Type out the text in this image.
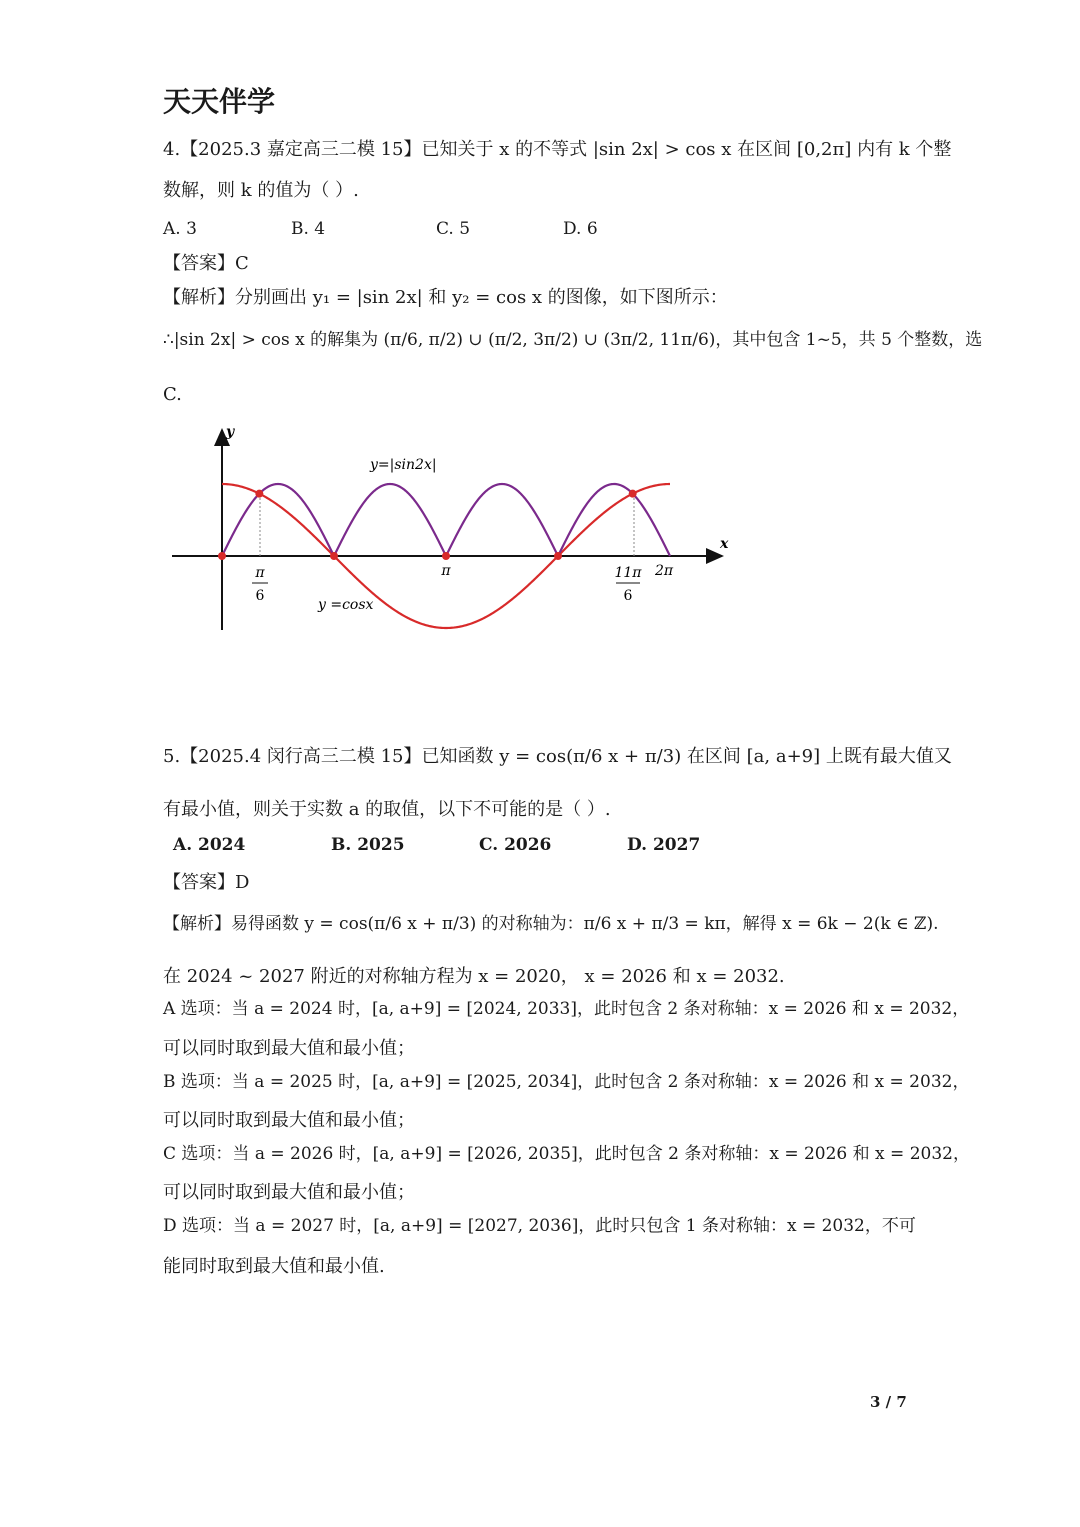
天天伴学
4.【2025.3 嘉定高三二模 15】已知关于 x 的不等式 |sin 2x| > cos x 在区间 [0,2π] 内有 k 个整
数解，则 k 的值为（ ）.
A. 3	B. 4	C. 5	D. 6
【答案】C
【解析】分别画出 y₁ = |sin 2x| 和 y₂ = cos x 的图像，如下图所示：
∴|sin 2x| > cos x 的解集为 (π/6, π/2) ∪ (π/2, 3π/2) ∪ (3π/2, 11π/6)，其中包含 1~5，共 5 个整数，选
C.
y
x
y=|sin2x|
y =cosx
π
6
π	11π
6
2π
5.【2025.4 闵行高三二模 15】已知函数 y = cos(π/6 x + π/3) 在区间 [a, a+9] 上既有最大值又
有最小值，则关于实数 a 的取值，以下不可能的是（ ）.
A. 2024	B. 2025	C. 2026	D. 2027
【答案】D
【解析】易得函数 y = cos(π/6 x + π/3) 的对称轴为：π/6 x + π/3 = kπ，解得 x = 6k − 2(k ∈ ℤ).
在 2024 ~ 2027 附近的对称轴方程为 x = 2020， x = 2026 和 x = 2032.
A 选项：当 a = 2024 时，[a, a+9] = [2024, 2033]，此时包含 2 条对称轴：x = 2026 和 x = 2032，
可以同时取到最大值和最小值；
B 选项：当 a = 2025 时，[a, a+9] = [2025, 2034]，此时包含 2 条对称轴：x = 2026 和 x = 2032，
可以同时取到最大值和最小值；
C 选项：当 a = 2026 时，[a, a+9] = [2026, 2035]，此时包含 2 条对称轴：x = 2026 和 x = 2032，
可以同时取到最大值和最小值；
D 选项：当 a = 2027 时，[a, a+9] = [2027, 2036]，此时只包含 1 条对称轴：x = 2032，不可
能同时取到最大值和最小值.
3 / 7
